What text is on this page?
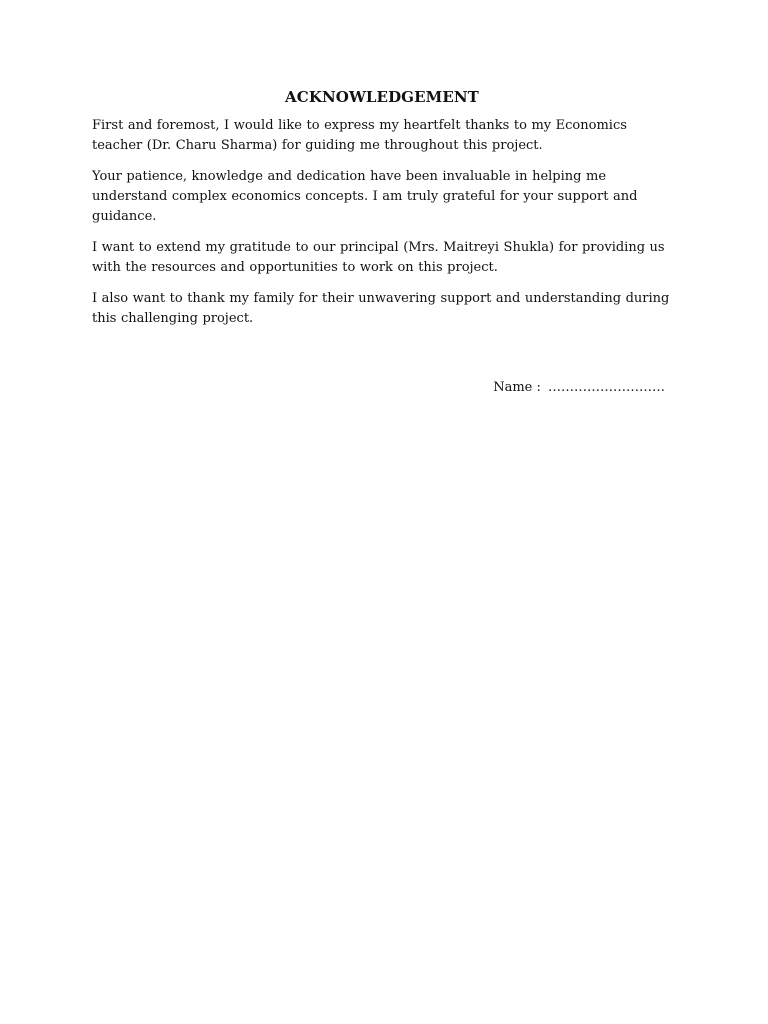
ACKNOWLEDGEMENT

First and foremost, I would like to express my heartfelt thanks to my Economics teacher (Dr. Charu Sharma) for guiding me throughout this project.

Your patience, knowledge and dedication have been invaluable in helping me understand complex economics concepts. I am truly grateful for your support and guidance.

I want to extend my gratitude to our principal (Mrs. Maitreyi Shukla) for providing us with the resources and opportunities to work on this project.

I also want to thank my family for their unwavering support and understanding during this challenging project.

Name : ………………………
